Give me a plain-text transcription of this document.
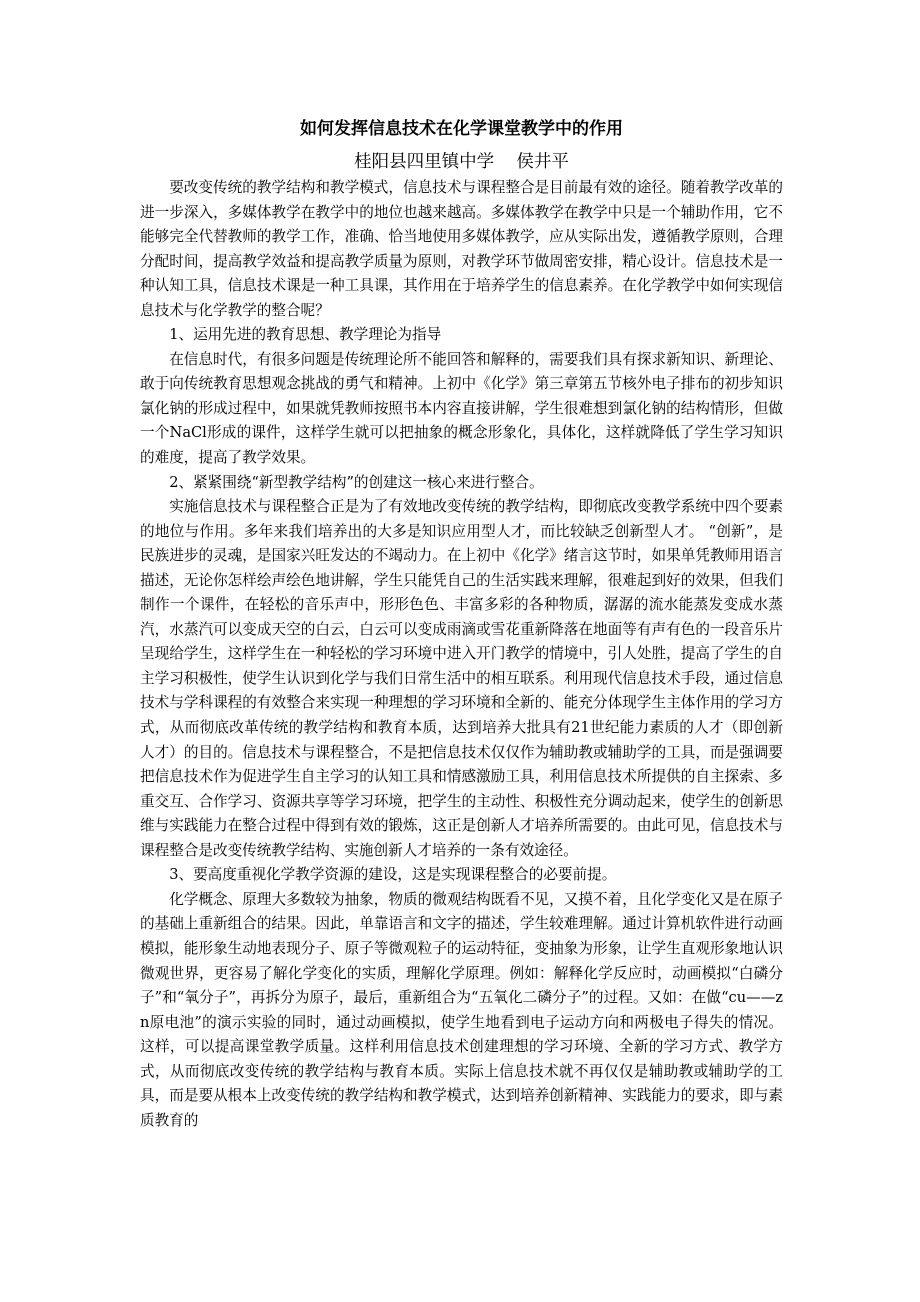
如何发挥信息技术在化学课堂教学中的作用
桂阳县四里镇中学    侯井平

要改变传统的教学结构和教学模式，信息技术与课程整合是目前最有效的途径。随着教学改革的进一步深入，多媒体教学在教学中的地位也越来越高。多媒体教学在教学中只是一个辅助作用，它不能够完全代替教师的教学工作，准确、恰当地使用多媒体教学，应从实际出发，遵循教学原则，合理分配时间，提高教学效益和提高教学质量为原则，对教学环节做周密安排，精心设计。信息技术是一种认知工具，信息技术课是一种工具课，其作用在于培养学生的信息素养。在化学教学中如何实现信息技术与化学教学的整合呢？

1、运用先进的教育思想、教学理论为指导

在信息时代，有很多问题是传统理论所不能回答和解释的，需要我们具有探求新知识、新理论、敢于向传统教育思想观念挑战的勇气和精神。上初中《化学》第三章第五节核外电子排布的初步知识氯化钠的形成过程中，如果就凭教师按照书本内容直接讲解，学生很难想到氯化钠的结构情形，但做一个NaCl形成的课件，这样学生就可以把抽象的概念形象化，具体化，这样就降低了学生学习知识的难度，提高了教学效果。

2、紧紧围绕“新型教学结构”的创建这一核心来进行整合。

实施信息技术与课程整合正是为了有效地改变传统的教学结构，即彻底改变教学系统中四个要素的地位与作用。多年来我们培养出的大多是知识应用型人才，而比较缺乏创新型人才。 “创新”，是民族进步的灵魂，是国家兴旺发达的不竭动力。在上初中《化学》绪言这节时，如果单凭教师用语言描述，无论你怎样绘声绘色地讲解，学生只能凭自己的生活实践来理解，很难起到好的效果，但我们制作一个课件，在轻松的音乐声中，形形色色、丰富多彩的各种物质，潺潺的流水能蒸发变成水蒸汽，水蒸汽可以变成天空的白云，白云可以变成雨滴或雪花重新降落在地面等有声有色的一段音乐片呈现给学生，这样学生在一种轻松的学习环境中进入开门教学的情境中，引人处胜，提高了学生的自主学习积极性，使学生认识到化学与我们日常生活中的相互联系。利用现代信息技术手段，通过信息技术与学科课程的有效整合来实现一种理想的学习环境和全新的、能充分体现学生主体作用的学习方式，从而彻底改革传统的教学结构和教育本质，达到培养大批具有21世纪能力素质的人才（即创新人才）的目的。信息技术与课程整合，不是把信息技术仅仅作为辅助教或辅助学的工具，而是强调要把信息技术作为促进学生自主学习的认知工具和情感激励工具，利用信息技术所提供的自主探索、多重交互、合作学习、资源共享等学习环境，把学生的主动性、积极性充分调动起来，使学生的创新思维与实践能力在整合过程中得到有效的锻炼，这正是创新人才培养所需要的。由此可见，信息技术与课程整合是改变传统教学结构、实施创新人才培养的一条有效途径。

3、要高度重视化学教学资源的建设，这是实现课程整合的必要前提。

化学概念、原理大多数较为抽象，物质的微观结构既看不见，又摸不着，且化学变化又是在原子的基础上重新组合的结果。因此，单靠语言和文字的描述，学生较难理解。通过计算机软件进行动画模拟，能形象生动地表现分子、原子等微观粒子的运动特征，变抽象为形象，让学生直观形象地认识微观世界，更容易了解化学变化的实质，理解化学原理。例如：解释化学反应时，动画模拟“白磷分子”和“氧分子”，再拆分为原子，最后，重新组合为“五氧化二磷分子”的过程。又如：在做“cu——zn原电池”的演示实验的同时，通过动画模拟，使学生地看到电子运动方向和两极电子得失的情况。这样，可以提高课堂教学质量。这样利用信息技术创建理想的学习环境、全新的学习方式、教学方式，从而彻底改变传统的教学结构与教育本质。实际上信息技术就不再仅仅是辅助教或辅助学的工具，而是要从根本上改变传统的教学结构和教学模式，达到培养创新精神、实践能力的要求，即与素质教育的
